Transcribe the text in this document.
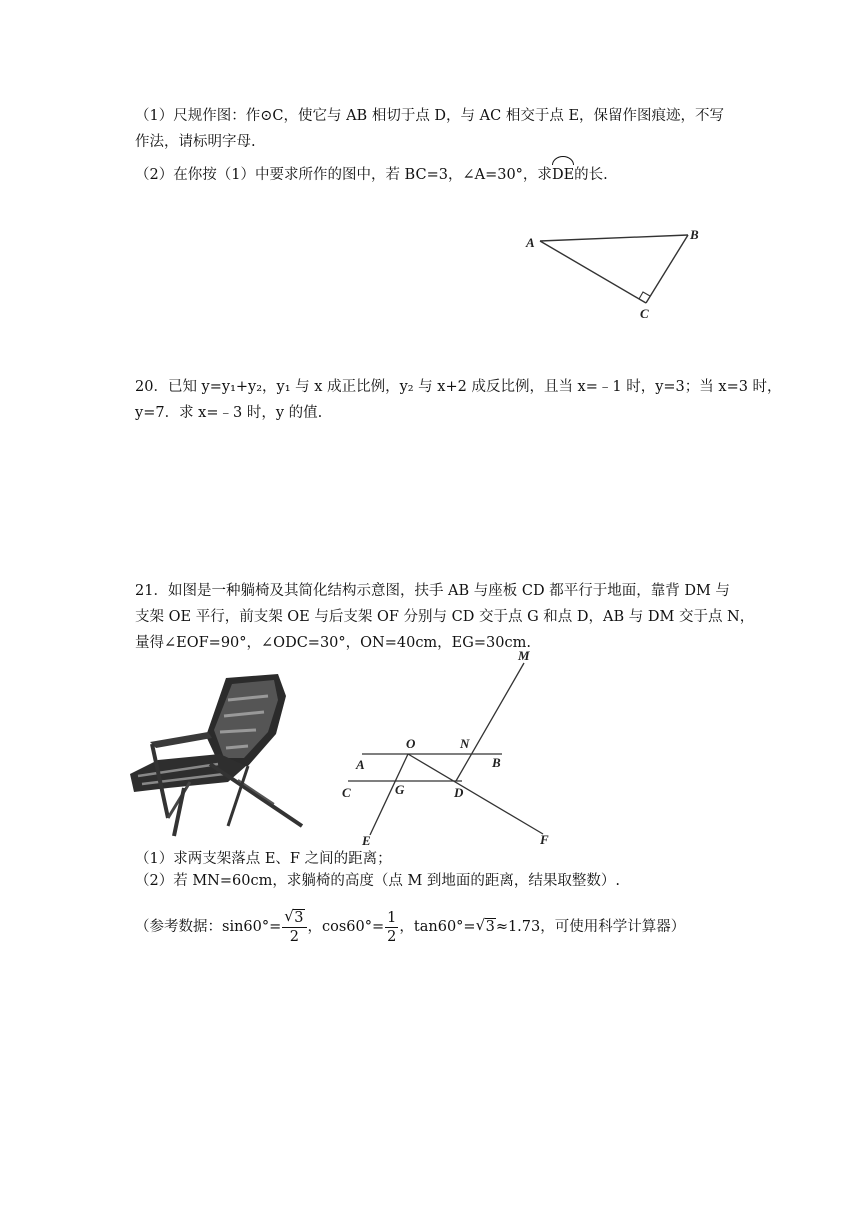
（1）尺规作图：作⊙C，使它与 AB 相切于点 D，与 AC 相交于点 E，保留作图痕迹，不写
作法，请标明字母.
（2）在你按（1）中要求所作的图中，若 BC=3，∠A=30°，求
DE的长.
A
B
C
20．已知 y=y₁+y₂，y₁ 与 x 成正比例，y₂ 与 x+2 成反比例，且当 x=﹣1 时，y=3；当 x=3 时，
y=7．求 x=﹣3 时，y 的值.
21．如图是一种躺椅及其简化结构示意图，扶手 AB 与座板 CD 都平行于地面，靠背 DM 与
支架 OE 平行，前支架 OE 与后支架 OF 分别与 CD 交于点 G 和点 D，AB 与 DM 交于点 N，
量得∠EOF=90°，∠ODC=30°，ON=40cm，EG=30cm.
M
O	N
A	B
C	G	D
E	F
（1）求两支架落点 E、F 之间的距离；
（2）若 MN=60cm，求躺椅的高度（点 M 到地面的距离，结果取整数）.
（参考数据：$\sin 60^\circ= \frac{√ 3}{2}$ ，$\cos 60^\circ= \frac{1}{2}$ ，tan60°= √ 3≈1.73，可使用科学计算器）
